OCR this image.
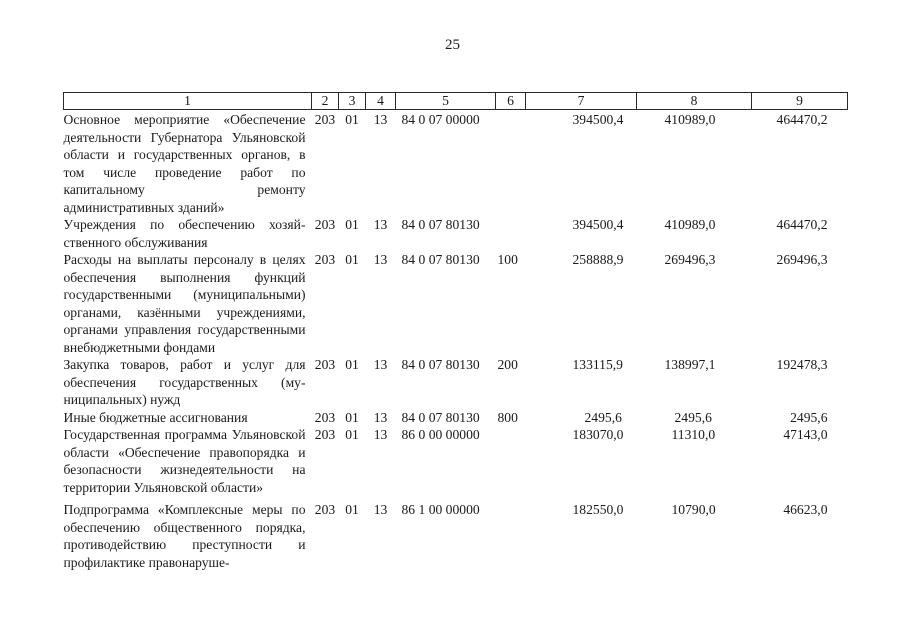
25
1	2	3	4	5	6	7	8	9
Основное мероприятие «Обеспечение деятельности Губернатора Ульяновской области и государственных органов, в том числе проведение работ по капитальному ремонту административных зданий»	203	01	13	84 0 07 00000		394500,4	410989,0	464470,2
Учреждения по обеспечению хозяйственного обслуживания	203	01	13	84 0 07 80130		394500,4	410989,0	464470,2
Расходы на выплаты персоналу в целях обеспечения выполнения функций государственными (муниципальными) органами, казёнными учреждениями, органами управления государственными внебюджетными фондами	203	01	13	84 0 07 80130	100	258888,9	269496,3	269496,3
Закупка товаров, работ и услуг для обеспечения государственных (муниципальных) нужд	203	01	13	84 0 07 80130	200	133115,9	138997,1	192478,3
Иные бюджетные ассигнования	203	01	13	84 0 07 80130	800	2495,6	2495,6	2495,6
Государственная программа Ульяновской области «Обеспечение правопорядка и безопасности жизнедеятельности на территории Ульяновской области»	203	01	13	86 0 00 00000		183070,0	11310,0	47143,0
Подпрограмма «Комплексные меры по обеспечению общественного порядка, противодействию преступности и профилактике правонаруше-	203	01	13	86 1 00 00000		182550,0	10790,0	46623,0
